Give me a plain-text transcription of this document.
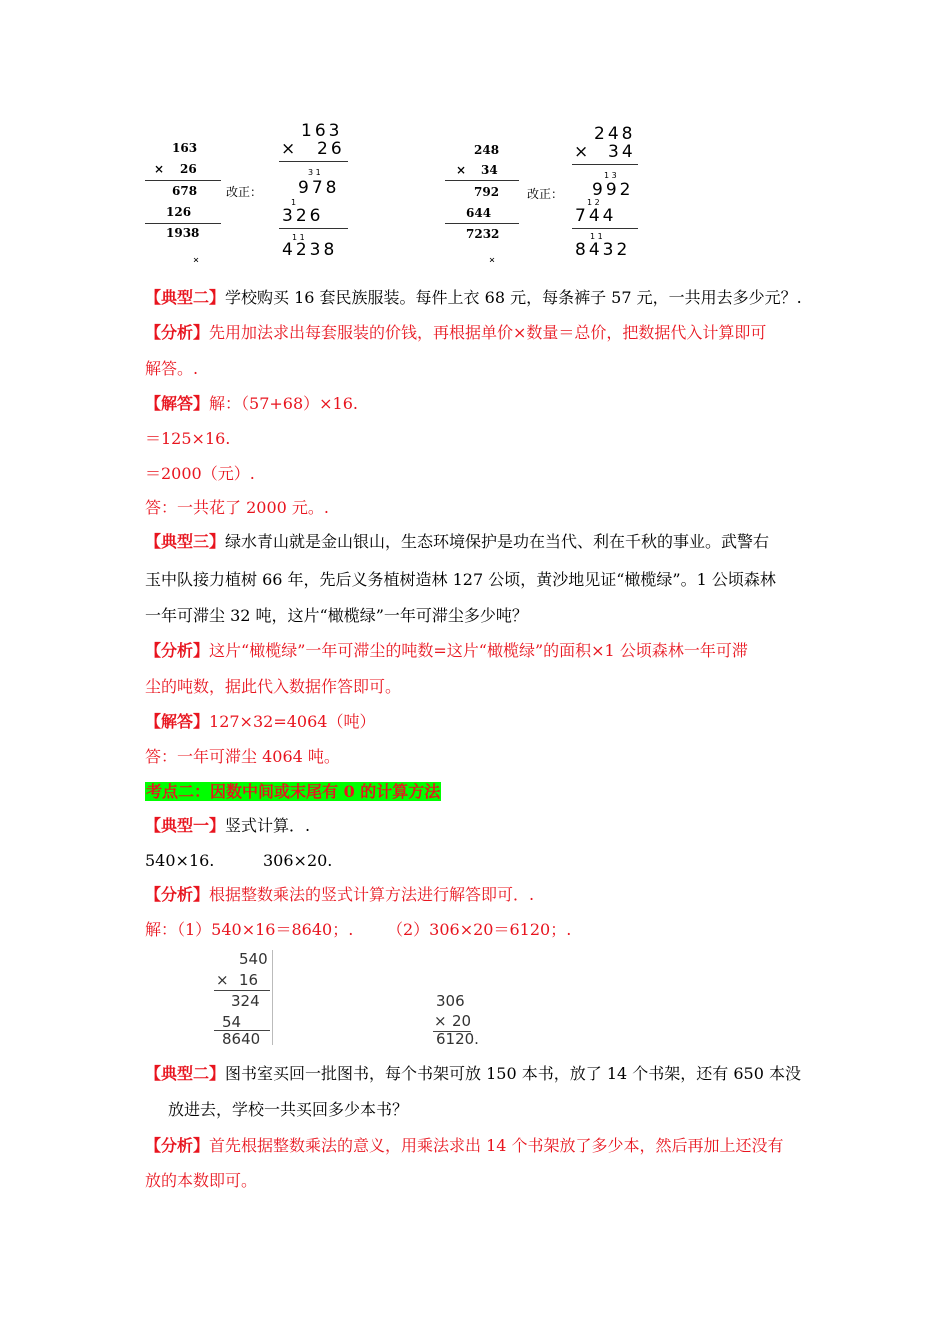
163
× 26
678
126
1938
×
改正：
163
× 26
3 1
978
1
326
1 1
4238
248
× 34
792
644
7232
×
改正：
248
× 34
1 3
992
1 2
744
1 1
8432
【典型二】学校购买 16 套民族服装。每件上衣 68 元，每条裤子 57 元，一共用去多少元？.
【分析】先用加法求出每套服装的价钱，再根据单价×数量＝总价，把数据代入计算即可
解答。.
【解答】解：（57+68）×16.
＝125×16.
＝2000（元）.
答：一共花了 2000 元。.
【典型三】绿水青山就是金山银山，生态环境保护是功在当代、利在千秋的事业。武警右
玉中队接力植树 66 年，先后义务植树造林 127 公顷，黄沙地见证“橄榄绿”。1 公顷森林
一年可滞尘 32 吨，这片“橄榄绿”一年可滞尘多少吨？
【分析】这片“橄榄绿”一年可滞尘的吨数=这片“橄榄绿”的面积×1 公顷森林一年可滞
尘的吨数，据此代入数据作答即可。
【解答】127×32=4064（吨）
答：一年可滞尘 4064 吨。
考点二：因数中间或末尾有 0 的计算方法
【典型一】竖式计算．.
540×16.	306×20.
【分析】根据整数乘法的竖式计算方法进行解答即可．.
解：（1）540×16＝8640；. （2）306×20＝6120；.
540
× 16
324
54
8640
306
× 20
6120.
【典型二】图书室买回一批图书，每个书架可放 150 本书，放了 14 个书架，还有 650 本没
放进去，学校一共买回多少本书？
【分析】首先根据整数乘法的意义，用乘法求出 14 个书架放了多少本，然后再加上还没有
放的本数即可。
